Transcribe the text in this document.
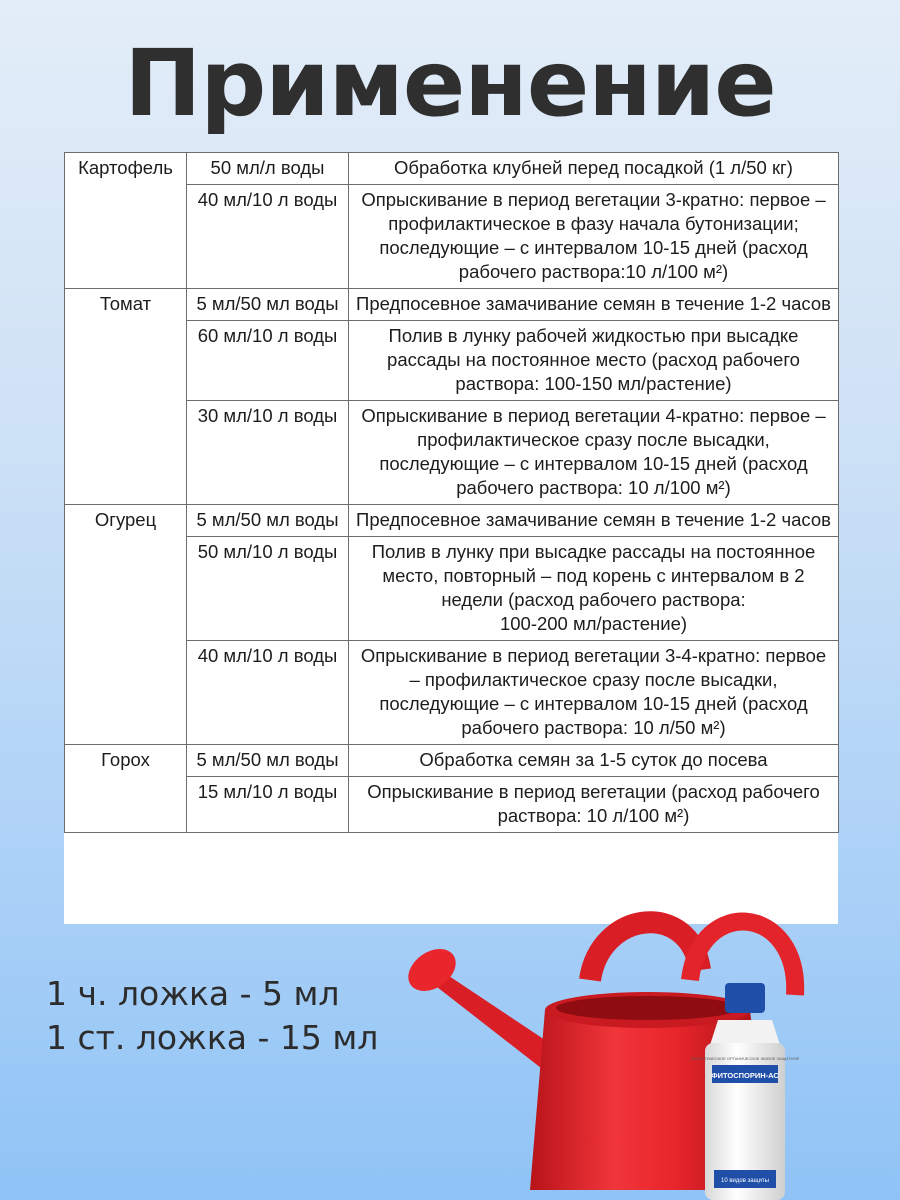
Применение
Картофель	50 мл/л воды	Обработка клубней перед посадкой (1 л/50 кг)
	40 мл/10 л воды	Опрыскивание в период вегетации 3-кратно: первое – профилактическое в фазу начала бутонизации; последующие – с интервалом 10-15 дней (расход рабочего раствора:10 л/100 м²)
Томат	5 мл/50 мл воды	Предпосевное замачивание семян в течение 1-2 часов
	60 мл/10 л воды	Полив в лунку рабочей жидкостью при высадке рассады на постоянное место (расход рабочего раствора: 100-150 мл/растение)
	30 мл/10 л воды	Опрыскивание в период вегетации 4-кратно: первое – профилактическое сразу после высадки, последующие – с интервалом 10-15 дней (расход рабочего раствора: 10 л/100 м²)
Огурец	5 мл/50 мл воды	Предпосевное замачивание семян в течение 1-2 часов
	50 мл/10 л воды	Полив в лунку при высадке рассады на постоянное место, повторный – под корень с интервалом в 2 недели (расход рабочего раствора:
100-200 мл/растение)
	40 мл/10 л воды	Опрыскивание в период вегетации 3-4-кратно: первое – профилактическое сразу после высадки, последующие – с интервалом 10-15 дней (расход рабочего раствора: 10 л/50 м²)
Горох	5 мл/50 мл воды	Обработка семян за 1-5 суток до посева
	15 мл/10 л воды	Опрыскивание в период вегетации (расход рабочего раствора: 10 л/100 м²)
1 ч. ложка - 5 мл
1 ст. ложка - 15 мл
ФИТОСПОРИН-АС
ЭКОЛОГИЧЕСКОЕ ОРГАНИЧЕСКОЕ ЖИВОЕ ЗАЩИТНОЕ
10 видов защиты
